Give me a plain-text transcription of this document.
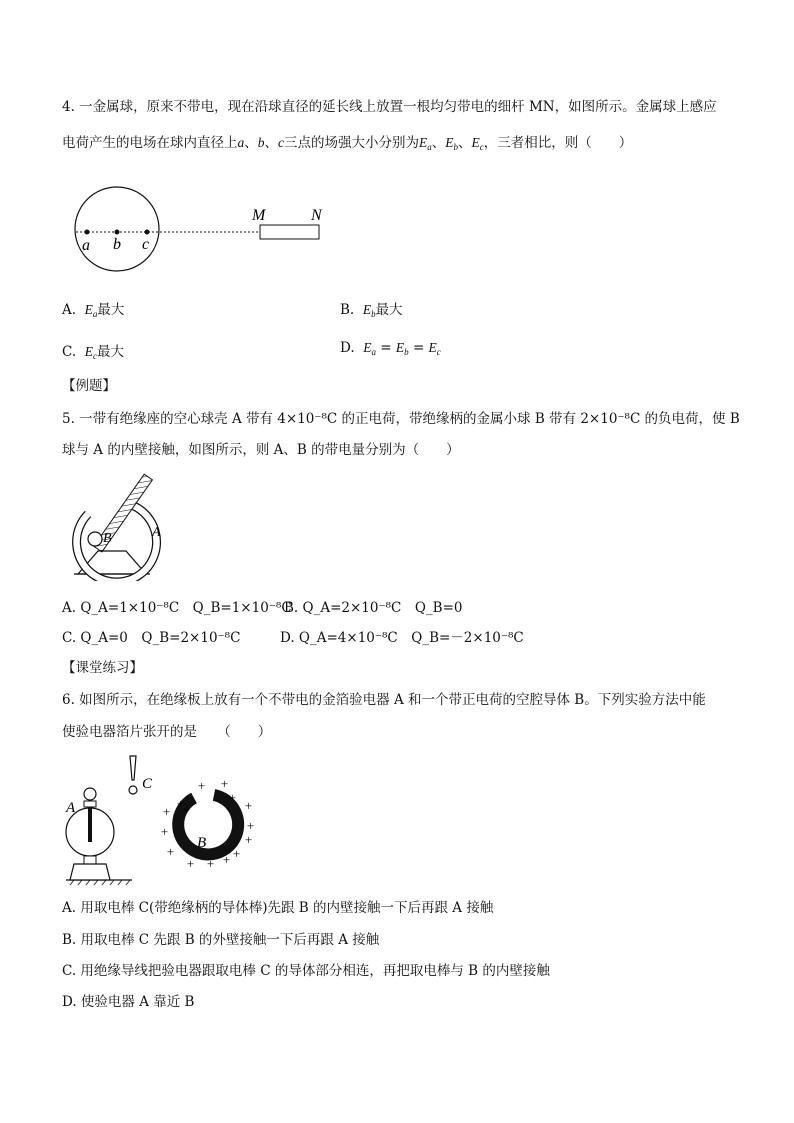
4. 一金属球，原来不带电，现在沿球直径的延长线上放置一根均匀带电的细杆 MN，如图所示。金属球上感应
电荷产生的电场在球内直径上a、b、c三点的场强大小分别为$E_a$、$E_b$、$E_c$，三者相比，则（　　）
a b c
M	N
A. $E_a$最大	B. $E_b$最大
C. $E_c$最大	D. $E_a = E_b = E_c$
【例题】
5. 一带有绝缘座的空心球壳 A 带有 4×10⁻⁸C 的正电荷，带绝缘柄的金属小球 B 带有 2×10⁻⁸C 的负电荷，使 B
球与 A 的内壁接触，如图所示，则 A、B 的带电量分别为（　　）
B	A
A. Q_A=1×10⁻⁸C　Q_B=1×10⁻⁸C
B. Q_A=2×10⁻⁸C　Q_B=0
C. Q_A=0　Q_B=2×10⁻⁸C	D. Q_A=4×10⁻⁸C　Q_B=－2×10⁻⁸C
【课堂练习】
6. 如图所示，在绝缘板上放有一个不带电的金箔验电器 A 和一个带正电荷的空腔导体 B。下列实验方法中能
使验电器箔片张开的是　　（　　）
A
C
B
+ +
+
+
+
+
+
+
+
+	+
+ + +
+
A. 用取电棒 C(带绝缘柄的导体棒)先跟 B 的内壁接触一下后再跟 A 接触
B. 用取电棒 C 先跟 B 的外壁接触一下后再跟 A 接触
C. 用绝缘导线把验电器跟取电棒 C 的导体部分相连，再把取电棒与 B 的内壁接触
D. 使验电器 A 靠近 B
